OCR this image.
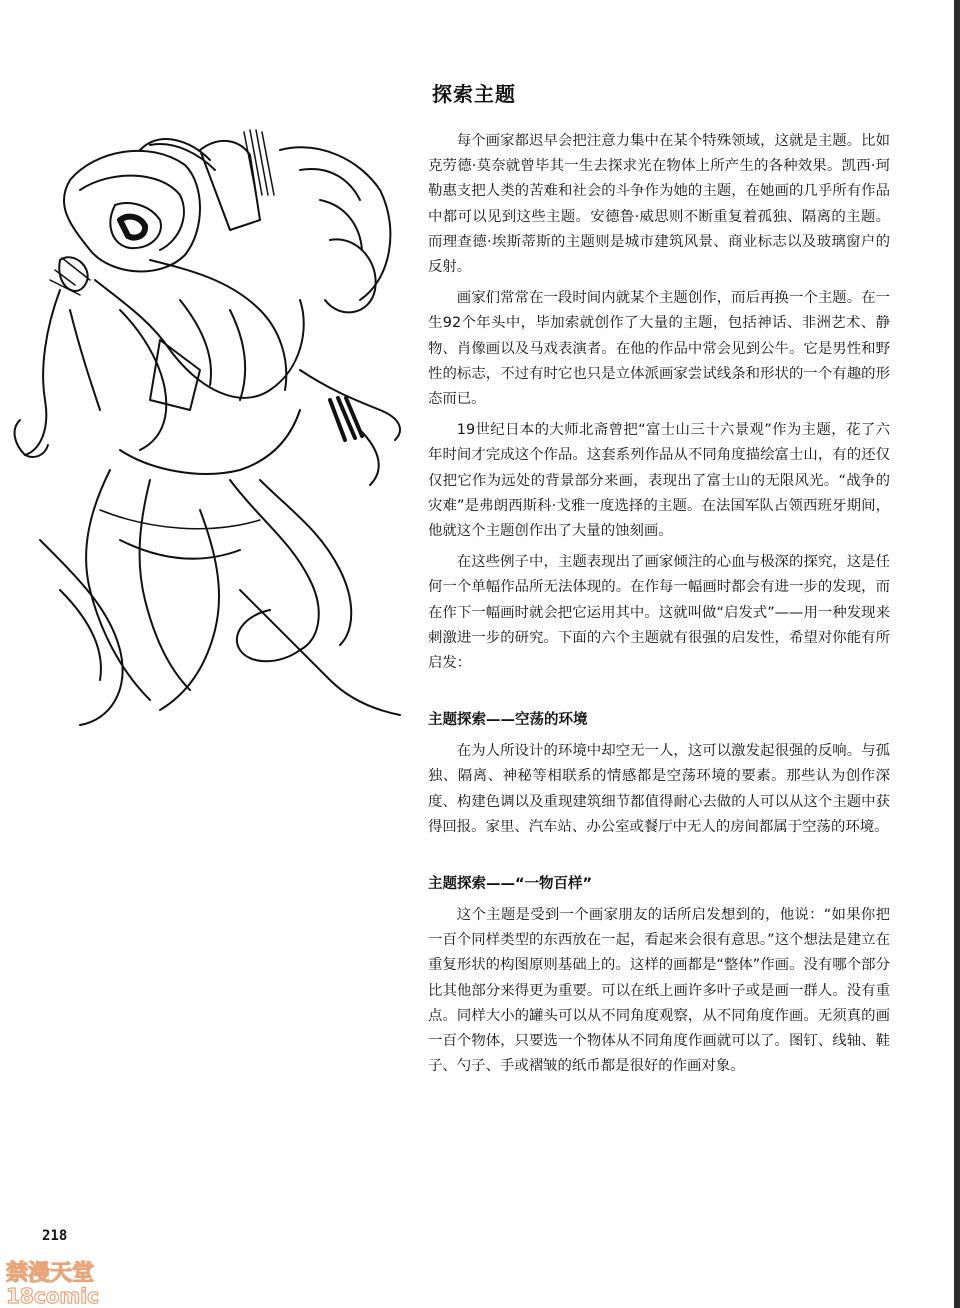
探索主题

每个画家都迟早会把注意力集中在某个特殊领域，这就是主题。比如克劳德·莫奈就曾毕其一生去探求光在物体上所产生的各种效果。凯西·珂勒惠支把人类的苦难和社会的斗争作为她的主题，在她画的几乎所有作品中都可以见到这些主题。安德鲁·威思则不断重复着孤独、隔离的主题。而理查德·埃斯蒂斯的主题则是城市建筑风景、商业标志以及玻璃窗户的反射。

画家们常常在一段时间内就某个主题创作，而后再换一个主题。在一生92个年头中，毕加索就创作了大量的主题，包括神话、非洲艺术、静物、肖像画以及马戏表演者。在他的作品中常会见到公牛。它是男性和野性的标志，不过有时它也只是立体派画家尝试线条和形状的一个有趣的形态而已。

19世纪日本的大师北斋曾把“富士山三十六景观”作为主题，花了六年时间才完成这个作品。这套系列作品从不同角度描绘富士山，有的还仅仅把它作为远处的背景部分来画，表现出了富士山的无限风光。“战争的灾难”是弗朗西斯科·戈雅一度选择的主题。在法国军队占领西班牙期间，他就这个主题创作出了大量的蚀刻画。

在这些例子中，主题表现出了画家倾注的心血与极深的探究，这是任何一个单幅作品所无法体现的。在作每一幅画时都会有进一步的发现，而在作下一幅画时就会把它运用其中。这就叫做“启发式”——用一种发现来刺激进一步的研究。下面的六个主题就有很强的启发性，希望对你能有所启发：

主题探索——空荡的环境

在为人所设计的环境中却空无一人，这可以激发起很强的反响。与孤独、隔离、神秘等相联系的情感都是空荡环境的要素。那些认为创作深度、构建色调以及重现建筑细节都值得耐心去做的人可以从这个主题中获得回报。家里、汽车站、办公室或餐厅中无人的房间都属于空荡的环境。

主题探索——“一物百样”

这个主题是受到一个画家朋友的话所启发想到的，他说：“如果你把一百个同样类型的东西放在一起，看起来会很有意思。”这个想法是建立在重复形状的构图原则基础上的。这样的画都是“整体”作画。没有哪个部分比其他部分来得更为重要。可以在纸上画许多叶子或是画一群人。没有重点。同样大小的罐头可以从不同角度观察，从不同角度作画。无须真的画一百个物体，只要选一个物体从不同角度作画就可以了。图钉、线轴、鞋子、勺子、手或褶皱的纸币都是很好的作画对象。

218
禁漫天堂
18comic
